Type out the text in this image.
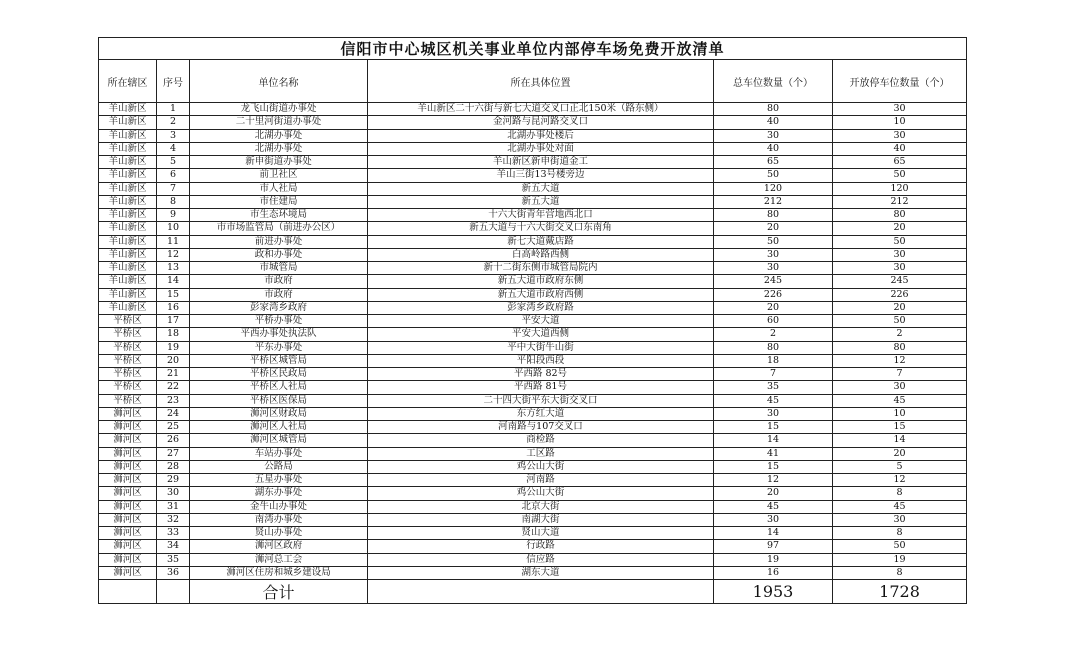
信阳市中心城区机关事业单位内部停车场免费开放清单					
所在辖区	序号	单位名称	所在具体位置	总车位数量（个）	开放停车位数量（个）
羊山新区	1	龙飞山街道办事处	羊山新区二十六街与新七大道交叉口正北150米（路东侧）	80	30
羊山新区	2	二十里河街道办事处	金河路与昆河路交叉口	40	10
羊山新区	3	北湖办事处	北湖办事处楼后	30	30
羊山新区	4	北湖办事处	北湖办事处对面	40	40
羊山新区	5	新申街道办事处	羊山新区新申街道金工	65	65
羊山新区	6	前卫社区	羊山三街13号楼旁边	50	50
羊山新区	7	市人社局	新五大道	120	120
羊山新区	8	市住建局	新五大道	212	212
羊山新区	9	市生态环境局	十六大街青年营地西北口	80	80
羊山新区	10	市市场监管局（前进办公区）	新五大道与十六大街交叉口东南角	20	20
羊山新区	11	前进办事处	新七大道戴店路	50	50
羊山新区	12	政和办事处	白高岭路西侧	30	30
羊山新区	13	市城管局	新十二街东侧市城管局院内	30	30
羊山新区	14	市政府	新五大道市政府东侧	245	245
羊山新区	15	市政府	新五大道市政府西侧	226	226
羊山新区	16	彭家湾乡政府	彭家湾乡政府路	20	20
平桥区	17	平桥办事处	平安大道	60	50
平桥区	18	平西办事处执法队	平安大道西侧	2	2
平桥区	19	平东办事处	平中大街牛山街	80	80
平桥区	20	平桥区城管局	平阳段西段	18	12
平桥区	21	平桥区民政局	平西路 82号	7	7
平桥区	22	平桥区人社局	平西路 81号	35	30
平桥区	23	平桥区医保局	二十四大街平东大街交叉口	45	45
浉河区	24	浉河区财政局	东方红大道	30	10
浉河区	25	浉河区人社局	河南路与107交叉口	15	15
浉河区	26	浉河区城管局	商检路	14	14
浉河区	27	车站办事处	工区路	41	20
浉河区	28	公路局	鸡公山大街	15	5
浉河区	29	五星办事处	河南路	12	12
浉河区	30	湖东办事处	鸡公山大街	20	8
浉河区	31	金牛山办事处	北京大街	45	45
浉河区	32	南湾办事处	南湖大街	30	30
浉河区	33	贤山办事处	贤山大道	14	8
浉河区	34	浉河区政府	行政路	97	50
浉河区	35	浉河总工会	信应路	19	19
浉河区	36	浉河区住房和城乡建设局	湖东大道	16	8
		合计		1953	1728
